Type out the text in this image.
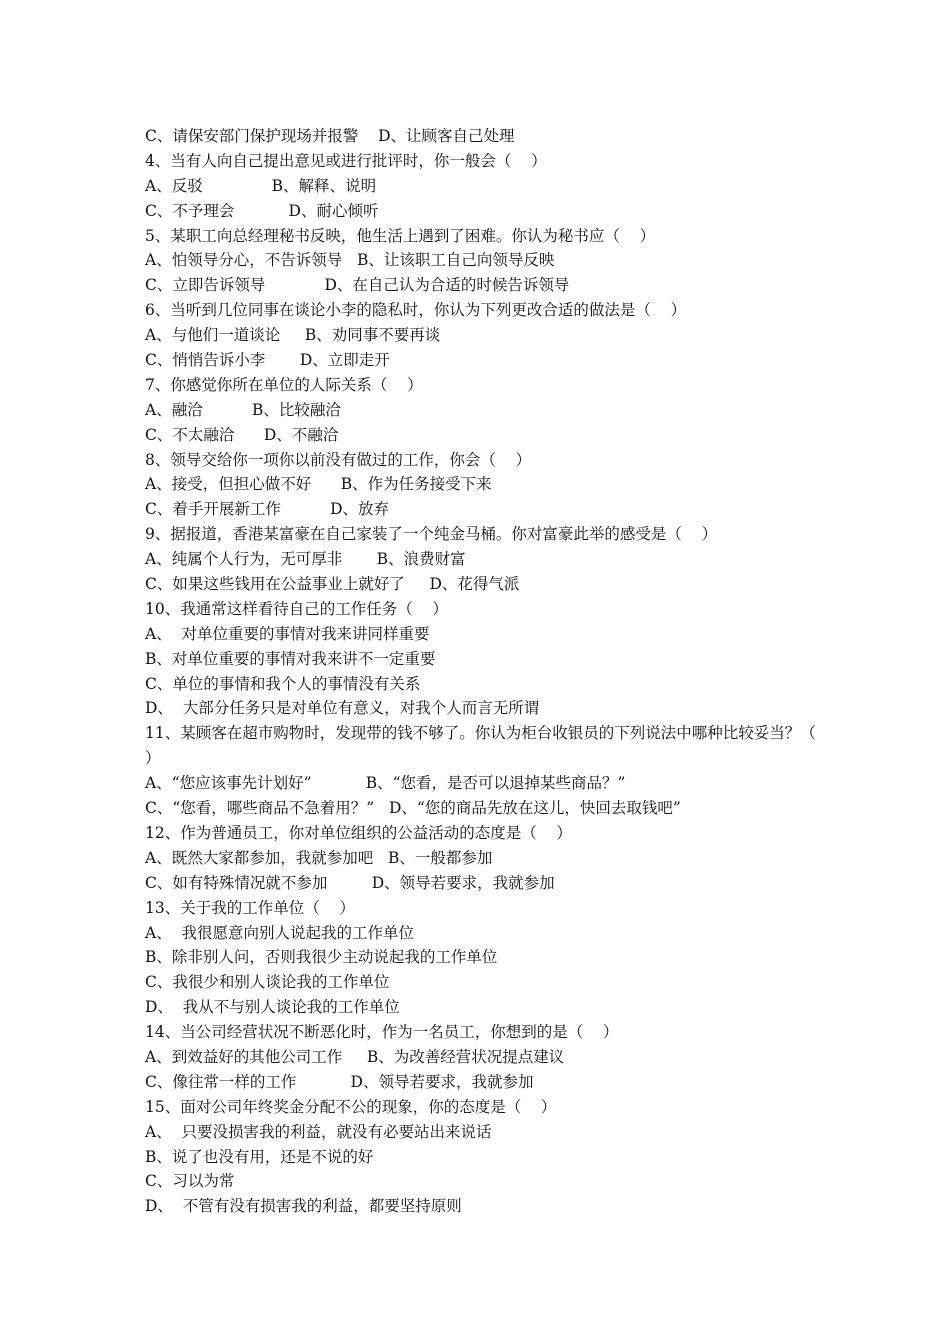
C、请保安部门保护现场并报警    D、让顾客自己处理
4、当有人向自己提出意见或进行批评时，你一般会（    ）
A、反驳              B、解释、说明
C、不予理会           D、耐心倾听
5、某职工向总经理秘书反映，他生活上遇到了困难。你认为秘书应（    ）
A、怕领导分心，不告诉领导   B、让该职工自己向领导反映
C、立即告诉领导            D、在自己认为合适的时候告诉领导
6、当听到几位同事在谈论小李的隐私时，你认为下列更改合适的做法是（    ）
A、与他们一道谈论     B、劝同事不要再谈
C、悄悄告诉小李       D、立即走开
7、你感觉你所在单位的人际关系（    ）
A、融洽          B、比较融洽
C、不太融洽      D、不融洽
8、领导交给你一项你以前没有做过的工作，你会（    ）
A、接受，但担心做不好      B、作为任务接受下来
C、着手开展新工作          D、放弃
9、据报道，香港某富豪在自己家装了一个纯金马桶。你对富豪此举的感受是（    ）
A、纯属个人行为，无可厚非       B、浪费财富
C、如果这些钱用在公益事业上就好了     D、花得气派
10、我通常这样看待自己的工作任务（    ）
A、  对单位重要的事情对我来讲同样重要
B、对单位重要的事情对我来讲不一定重要
C、单位的事情和我个人的事情没有关系
D、  大部分任务只是对单位有意义，对我个人而言无所谓
11、某顾客在超市购物时，发现带的钱不够了。你认为柜台收银员的下列说法中哪种比较妥当？（ ）
A、“您应该事先计划好”           B、“您看，是否可以退掉某些商品？”
C、“您看，哪些商品不急着用？”   D、“您的商品先放在这儿，快回去取钱吧”
12、作为普通员工，你对单位组织的公益活动的态度是（    ）
A、既然大家都参加，我就参加吧   B、一般都参加
C、如有特殊情况就不参加         D、领导若要求，我就参加
13、关于我的工作单位（    ）
A、  我很愿意向别人说起我的工作单位
B、除非别人问，否则我很少主动说起我的工作单位
C、我很少和别人谈论我的工作单位
D、  我从不与别人谈论我的工作单位
14、当公司经营状况不断恶化时，作为一名员工，你想到的是（    ）
A、到效益好的其他公司工作     B、为改善经营状况提点建议
C、像往常一样的工作           D、领导若要求，我就参加
15、面对公司年终奖金分配不公的现象，你的态度是（    ）
A、  只要没损害我的利益，就没有必要站出来说话
B、说了也没有用，还是不说的好
C、习以为常
D、  不管有没有损害我的利益，都要坚持原则
